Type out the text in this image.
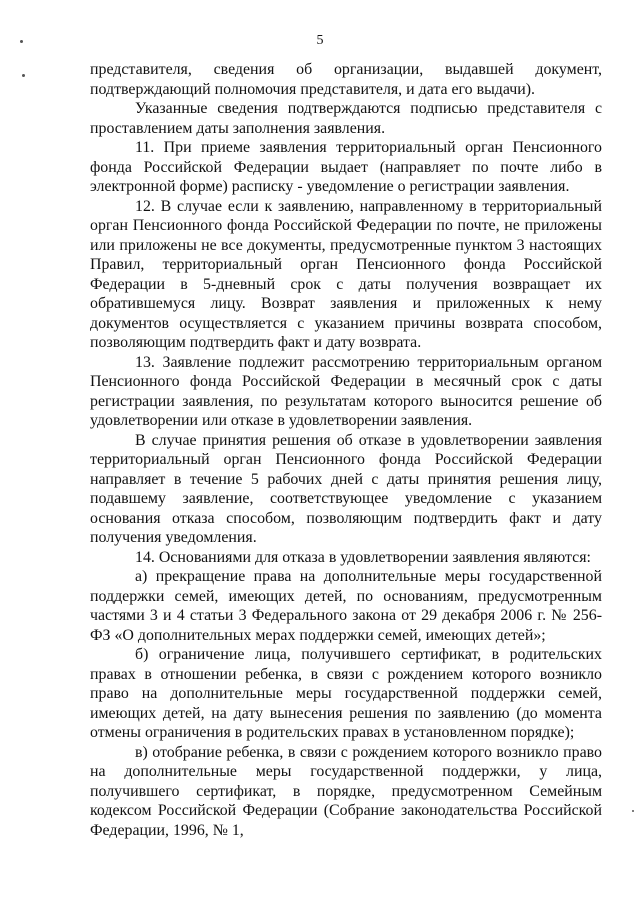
5

представителя, сведения об организации, выдавшей документ, подтверждающий полномочия представителя, и дата его выдачи).

Указанные сведения подтверждаются подписью представителя с проставлением даты заполнения заявления.

11. При приеме заявления территориальный орган Пенсионного фонда Российской Федерации выдает (направляет по почте либо в электронной форме) расписку - уведомление о регистрации заявления.

12. В случае если к заявлению, направленному в территориальный орган Пенсионного фонда Российской Федерации по почте, не приложены или приложены не все документы, предусмотренные пунктом 3 настоящих Правил, территориальный орган Пенсионного фонда Российской Федерации в 5-дневный срок с даты получения возвращает их обратившемуся лицу. Возврат заявления и приложенных к нему документов осуществляется с указанием причины возврата способом, позволяющим подтвердить факт и дату возврата.

13. Заявление подлежит рассмотрению территориальным органом Пенсионного фонда Российской Федерации в месячный срок с даты регистрации заявления, по результатам которого выносится решение об удовлетворении или отказе в удовлетворении заявления.

В случае принятия решения об отказе в удовлетворении заявления территориальный орган Пенсионного фонда Российской Федерации направляет в течение 5 рабочих дней с даты принятия решения лицу, подавшему заявление, соответствующее уведомление с указанием основания отказа способом, позволяющим подтвердить факт и дату получения уведомления.

14. Основаниями для отказа в удовлетворении заявления являются:

а) прекращение права на дополнительные меры государственной поддержки семей, имеющих детей, по основаниям, предусмотренным частями 3 и 4 статьи 3 Федерального закона от 29 декабря 2006 г. № 256-ФЗ «О дополнительных мерах поддержки семей, имеющих детей»;

б) ограничение лица, получившего сертификат, в родительских правах в отношении ребенка, в связи с рождением которого возникло право на дополнительные меры государственной поддержки семей, имеющих детей, на дату вынесения решения по заявлению (до момента отмены ограничения в родительских правах в установленном порядке);

в) отобрание ребенка, в связи с рождением которого возникло право на дополнительные меры государственной поддержки, у лица, получившего сертификат, в порядке, предусмотренном Семейным кодексом Российской Федерации (Собрание законодательства Российской Федерации, 1996, № 1,
